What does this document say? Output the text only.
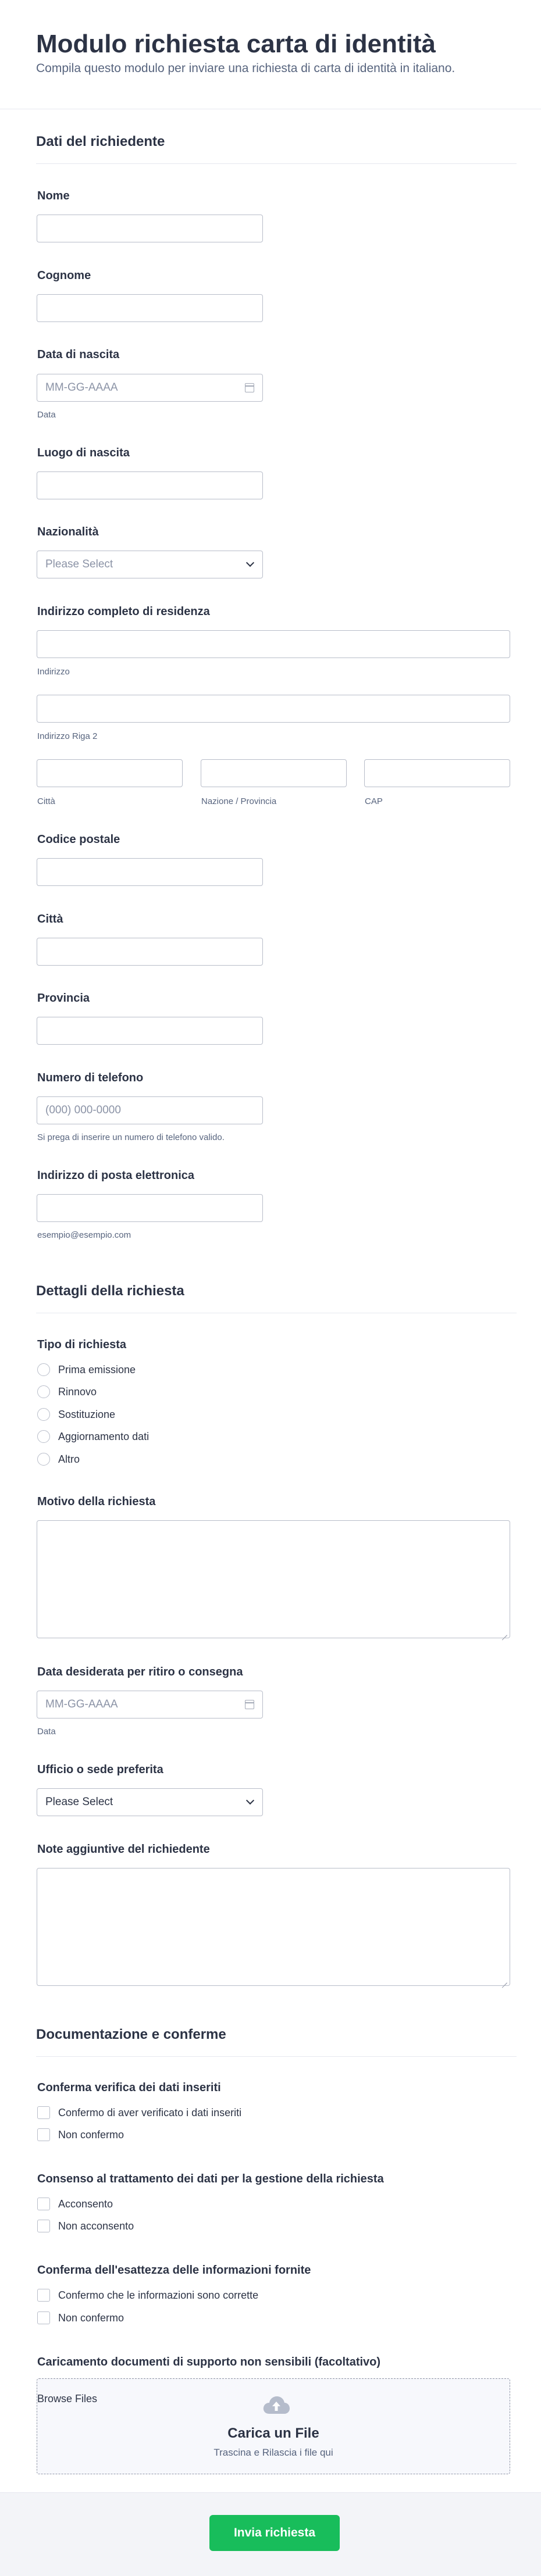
Modulo richiesta carta di identità

Compila questo modulo per inviare una richiesta di carta di identità in italiano.

Dati del richiedente
Nome
Cognome
Data di nascita
MM-GG-AAAA
Data
Luogo di nascita
Nazionalità
Please Select
Indirizzo completo di residenza
Indirizzo
Indirizzo Riga 2
Città	Nazione / Provincia	CAP
Codice postale
Città
Provincia
Numero di telefono
(000) 000-0000
Si prega di inserire un numero di telefono valido.
Indirizzo di posta elettronica
esempio@esempio.com
Dettagli della richiesta
Tipo di richiesta
Prima emissione
Rinnovo
Sostituzione
Aggiornamento dati
Altro
Motivo della richiesta
Data desiderata per ritiro o consegna
MM-GG-AAAA
Data
Ufficio o sede preferita
Please Select
Note aggiuntive del richiedente
Documentazione e conferme
Conferma verifica dei dati inseriti
Confermo di aver verificato i dati inseriti
Non confermo
Consenso al trattamento dei dati per la gestione della richiesta
Acconsento
Non acconsento
Conferma dell'esattezza delle informazioni fornite
Confermo che le informazioni sono corrette
Non confermo
Caricamento documenti di supporto non sensibili (facoltativo)
Browse Files
Carica un File
Trascina e Rilascia i file qui
Invia richiesta
